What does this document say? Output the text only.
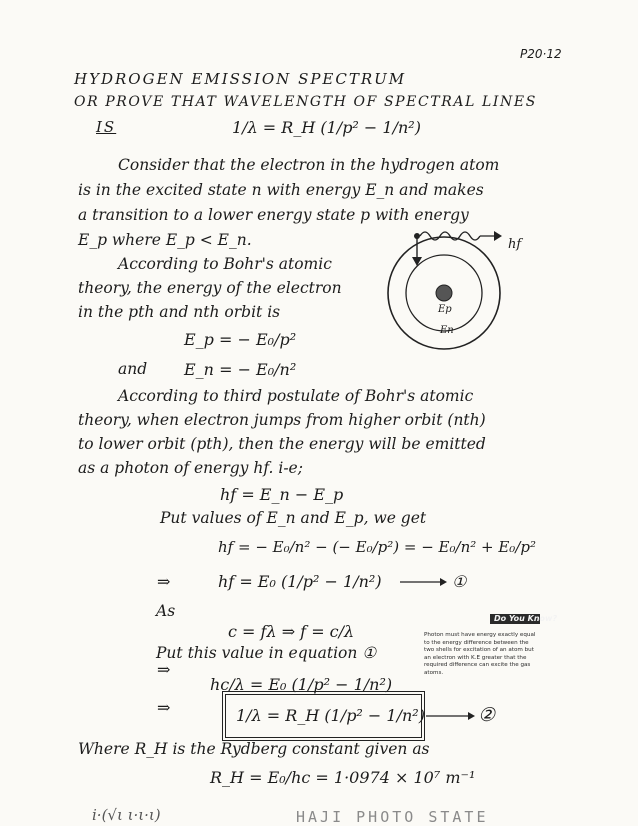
P20·12
HYDROGEN EMISSION SPECTRUM
OR PROVE THAT WAVELENGTH OF SPECTRAL LINES
IS	1/λ = R_H (1/p² − 1/n²)
Consider that the electron in the hydrogen atom
is in the excited state n with energy E_n and makes
a transition to a lower energy state p with energy
E_p where E_p < E_n.
According to Bohr's atomic
theory, the energy of the electron
in the pth and nth orbit is
E_p = − E₀/p²
and E_n = − E₀/n²
hf
Ep
En
According to third postulate of Bohr's atomic
theory, when electron jumps from higher orbit (nth)
to lower orbit (pth), then the energy will be emitted
as a photon of energy hf. i-e;
hf = E_n − E_p
Put values of E_n and E_p, we get
hf = − E₀/n² − (− E₀/p²) = − E₀/n² + E₀/p²
⇒	hf = E₀ (1/p² − 1/n²)	①
As
c = fλ ⇒ f = c/λ
Put this value in equation ①
hc/λ = E₀ (1/p² − 1/n²)
Do You Know?
Photon must have energy exactly equal to the energy difference between the two shells for excitation of an atom but an electron with K.E greater that the required difference can excite the gas atoms.
⇒
⇒	1/λ = R_H (1/p² − 1/n²)	②
Where R_H is the Rydberg constant given as
R_H = E₀/hc = 1·0974 × 10⁷ m⁻¹
i·(√ι ι·ι·ι)	HAJI PHOTO STATE
